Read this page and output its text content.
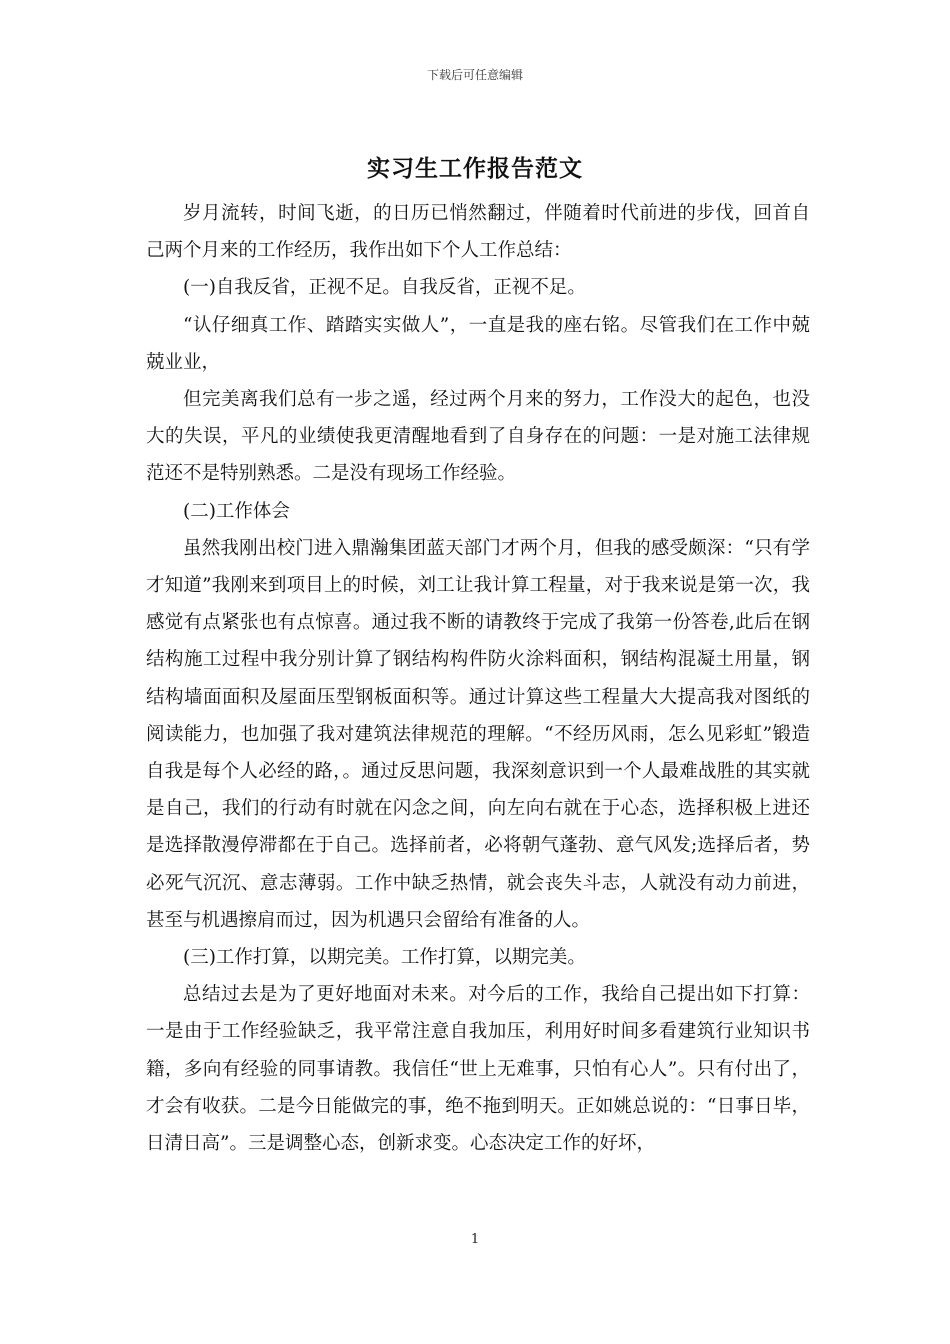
下载后可任意编辑
实习生工作报告范文

岁月流转，时间飞逝，的日历已悄然翻过，伴随着时代前进的步伐，回首自己两个月来的工作经历，我作出如下个人工作总结：

(一)自我反省，正视不足。自我反省，正视不足。

“认仔细真工作、踏踏实实做人”，一直是我的座右铭。尽管我们在工作中兢兢业业，

但完美离我们总有一步之遥，经过两个月来的努力，工作没大的起色，也没大的失误，平凡的业绩使我更清醒地看到了自身存在的问题：一是对施工法律规范还不是特别熟悉。二是没有现场工作经验。

(二)工作体会

虽然我刚出校门进入鼎瀚集团蓝天部门才两个月，但我的感受颇深：“只有学才知道”我刚来到项目上的时候，刘工让我计算工程量，对于我来说是第一次，我感觉有点紧张也有点惊喜。通过我不断的请教终于完成了我第一份答卷,此后在钢结构施工过程中我分别计算了钢结构构件防火涂料面积，钢结构混凝土用量，钢结构墙面面积及屋面压型钢板面积等。通过计算这些工程量大大提高我对图纸的阅读能力，也加强了我对建筑法律规范的理解。“不经历风雨，怎么见彩虹”锻造自我是每个人必经的路，。通过反思问题，我深刻意识到一个人最难战胜的其实就是自己，我们的行动有时就在闪念之间，向左向右就在于心态，选择积极上进还是选择散漫停滞都在于自己。选择前者，必将朝气蓬勃、意气风发;选择后者，势必死气沉沉、意志薄弱。工作中缺乏热情，就会丧失斗志，人就没有动力前进，甚至与机遇擦肩而过，因为机遇只会留给有准备的人。

(三)工作打算，以期完美。工作打算，以期完美。

总结过去是为了更好地面对未来。对今后的工作，我给自己提出如下打算：一是由于工作经验缺乏，我平常注意自我加压，利用好时间多看建筑行业知识书籍，多向有经验的同事请教。我信任“世上无难事，只怕有心人”。只有付出了，才会有收获。二是今日能做完的事，绝不拖到明天。正如姚总说的：“日事日毕，日清日高”。三是调整心态，创新求变。心态决定工作的好坏，

1
